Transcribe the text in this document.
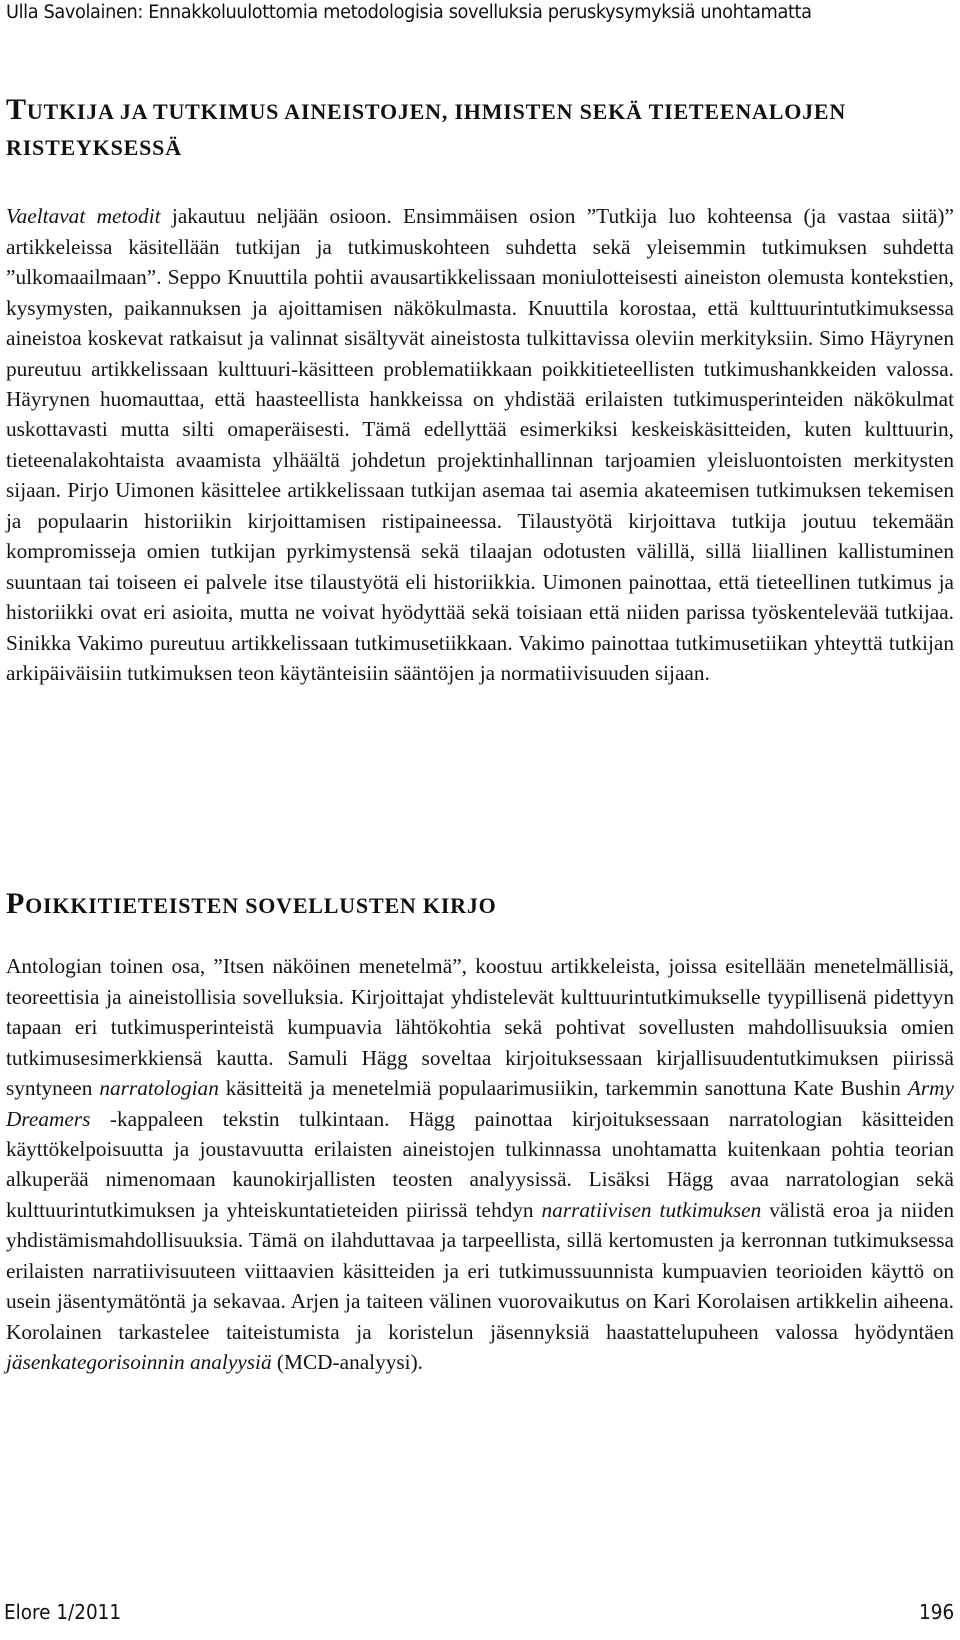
Ulla Savolainen: Ennakkoluulottomia metodologisia sovelluksia peruskysymyksiä unohtamatta
TUTKIJA JA TUTKIMUS AINEISTOJEN, IHMISTEN SEKÄ TIETEENALOJEN RISTEYKSESSÄ

Vaeltavat metodit jakautuu neljään osioon. Ensimmäisen osion ”Tutkija luo kohteensa (ja vastaa siitä)” artikkeleissa käsitellään tutkijan ja tutkimuskohteen suhdetta sekä yleisemmin tutkimuksen suhdetta ”ulkomaailmaan”. Seppo Knuuttila pohtii avausartikkelissaan moniulotteisesti aineiston olemusta kontekstien, kysymysten, paikannuksen ja ajoittamisen näkökulmasta. Knuuttila korostaa, että kulttuurintutkimuksessa aineistoa koskevat ratkaisut ja valinnat sisältyvät aineistosta tulkittavissa oleviin merkityksiin. Simo Häyrynen pureutuu artikkelissaan kulttuuri-käsitteen problematiikkaan poikkitieteellisten tutkimushankkeiden valossa. Häyrynen huomauttaa, että haasteellista hankkeissa on yhdistää erilaisten tutkimusperinteiden näkökulmat uskottavasti mutta silti omaperäisesti. Tämä edellyttää esimerkiksi keskeiskäsitteiden, kuten kulttuurin, tieteenalakohtaista avaamista ylhäältä johdetun projektinhallinnan tarjoamien yleisluontoisten merkitysten sijaan. Pirjo Uimonen käsittelee artikkelissaan tutkijan asemaa tai asemia akateemisen tutkimuksen tekemisen ja populaarin historiikin kirjoittamisen ristipaineessa. Tilaustyötä kirjoittava tutkija joutuu tekemään kompromisseja omien tutkijan pyrkimystensä sekä tilaajan odotusten välillä, sillä liiallinen kallistuminen suuntaan tai toiseen ei palvele itse tilaustyötä eli historiikkia. Uimonen painottaa, että tieteellinen tutkimus ja historiikki ovat eri asioita, mutta ne voivat hyödyttää sekä toisiaan että niiden parissa työskentelevää tutkijaa. Sinikka Vakimo pureutuu artikkelissaan tutkimusetiikkaan. Vakimo painottaa tutkimusetiikan yhteyttä tutkijan arkipäiväisiin tutkimuksen teon käytänteisiin sääntöjen ja normatiivisuuden sijaan.

POIKKITIETEISTEN SOVELLUSTEN KIRJO

Antologian toinen osa, ”Itsen näköinen menetelmä”, koostuu artikkeleista, joissa esitellään menetelmällisiä, teoreettisia ja aineistollisia sovelluksia. Kirjoittajat yhdistelevät kulttuurintutkimukselle tyypillisenä pidettyyn tapaan eri tutkimusperinteistä kumpuavia lähtökohtia sekä pohtivat sovellusten mahdollisuuksia omien tutkimusesimerkkiensä kautta. Samuli Hägg soveltaa kirjoituksessaan kirjallisuudentutkimuksen piirissä syntyneen narratologian käsitteitä ja menetelmiä populaarimusiikin, tarkemmin sanottuna Kate Bushin Army Dreamers -kappaleen tekstin tulkintaan. Hägg painottaa kirjoituksessaan narratologian käsitteiden käyttökelpoisuutta ja joustavuutta erilaisten aineistojen tulkinnassa unohtamatta kuitenkaan pohtia teorian alkuperää nimenomaan kaunokirjallisten teosten analyysissä. Lisäksi Hägg avaa narratologian sekä kulttuurintutkimuksen ja yhteiskuntatieteiden piirissä tehdyn narratiivisen tutkimuksen välistä eroa ja niiden yhdistämismahdollisuuksia. Tämä on ilahduttavaa ja tarpeellista, sillä kertomusten ja kerronnan tutkimuksessa erilaisten narratiivisuuteen viittaavien käsitteiden ja eri tutkimussuunnista kumpuavien teorioiden käyttö on usein jäsentymätöntä ja sekavaa. Arjen ja taiteen välinen vuorovaikutus on Kari Korolaisen artikkelin aiheena. Korolainen tarkastelee taiteistumista ja koristelun jäsennyksiä haastattelupuheen valossa hyödyntäen jäsenkategorisoinnin analyysiä (MCD-analyysi).

Elore 1/2011	196
